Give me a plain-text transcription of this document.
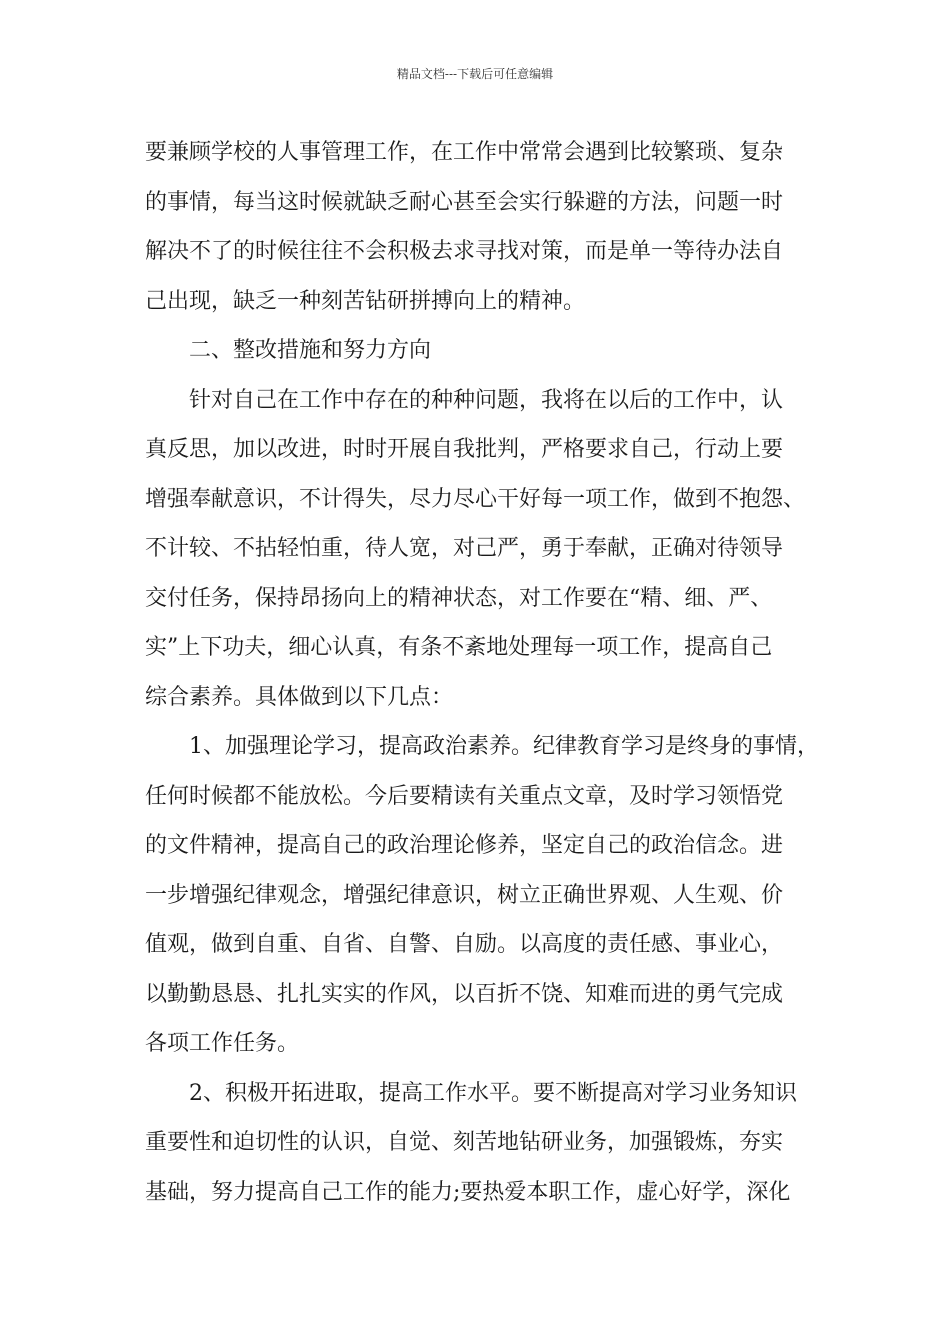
精品文档---下载后可任意编辑
要兼顾学校的人事管理工作，在工作中常常会遇到比较繁琐、复杂
的事情，每当这时候就缺乏耐心甚至会实行躲避的方法，问题一时
解决不了的时候往往不会积极去求寻找对策，而是单一等待办法自
己出现，缺乏一种刻苦钻研拼搏向上的精神。
二、整改措施和努力方向
针对自己在工作中存在的种种问题，我将在以后的工作中，认
真反思，加以改进，时时开展自我批判，严格要求自己，行动上要
增强奉献意识，不计得失，尽力尽心干好每一项工作，做到不抱怨、
不计较、不拈轻怕重，待人宽，对己严，勇于奉献，正确对待领导
交付任务，保持昂扬向上的精神状态，对工作要在“精、细、严、
实”上下功夫，细心认真，有条不紊地处理每一项工作，提高自己
综合素养。具体做到以下几点：
1、加强理论学习，提高政治素养。纪律教育学习是终身的事情，
任何时候都不能放松。今后要精读有关重点文章，及时学习领悟党
的文件精神，提高自己的政治理论修养，坚定自己的政治信念。进
一步增强纪律观念，增强纪律意识，树立正确世界观、人生观、价
值观，做到自重、自省、自警、自励。以高度的责任感、事业心，
以勤勤恳恳、扎扎实实的作风，以百折不饶、知难而进的勇气完成
各项工作任务。
2、积极开拓进取，提高工作水平。要不断提高对学习业务知识
重要性和迫切性的认识，自觉、刻苦地钻研业务，加强锻炼，夯实
基础，努力提高自己工作的能力;要热爱本职工作，虚心好学，深化
